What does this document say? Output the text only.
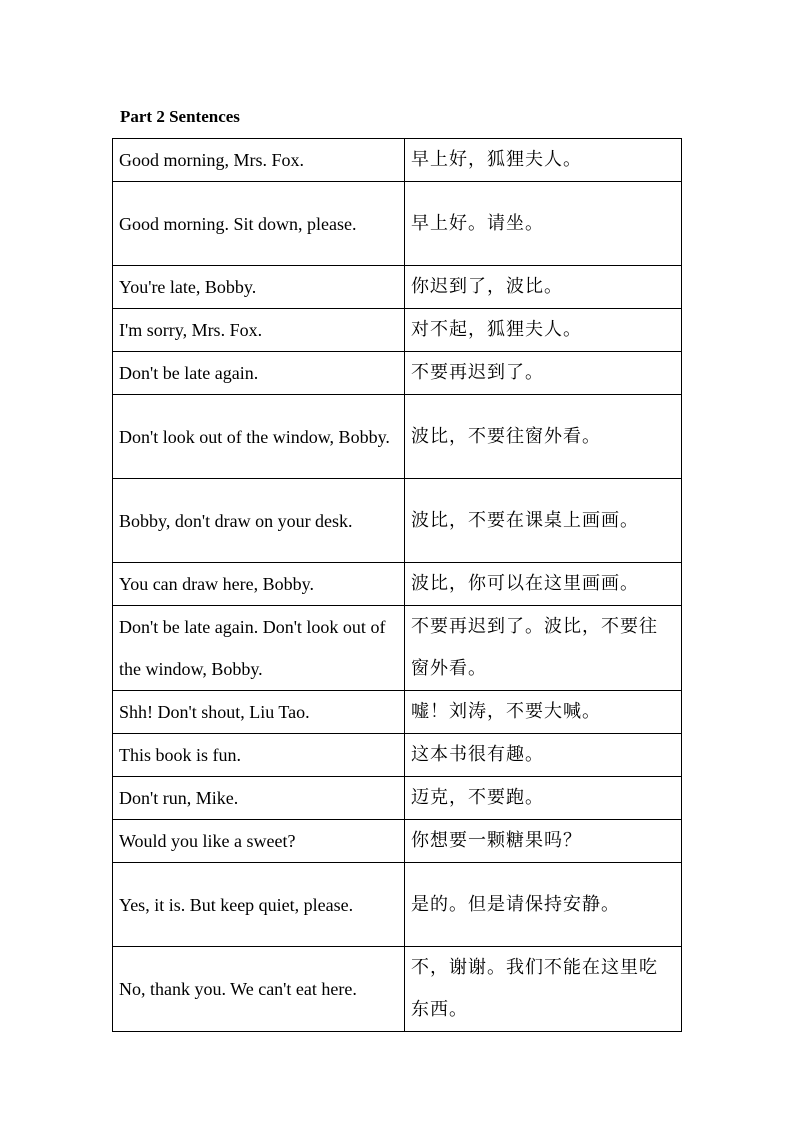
Part 2 Sentences

Good morning, Mrs. Fox.	早上好，狐狸夫人。
Good morning. Sit down, please.	早上好。请坐。
You're late, Bobby.	你迟到了，波比。
I'm sorry, Mrs. Fox.	对不起，狐狸夫人。
Don't be late again.	不要再迟到了。
Don't look out of the window, Bobby.	波比，不要往窗外看。
Bobby, don't draw on your desk.	波比，不要在课桌上画画。
You can draw here, Bobby.	波比，你可以在这里画画。
Don't be late again. Don't look out of the window, Bobby.	不要再迟到了。波比，不要往窗外看。
Shh! Don't shout, Liu Tao.	嘘！刘涛，不要大喊。
This book is fun.	这本书很有趣。
Don't run, Mike.	迈克，不要跑。
Would you like a sweet?	你想要一颗糖果吗？
Yes, it is. But keep quiet, please.	是的。但是请保持安静。
No, thank you. We can't eat here.	不，谢谢。我们不能在这里吃东西。
